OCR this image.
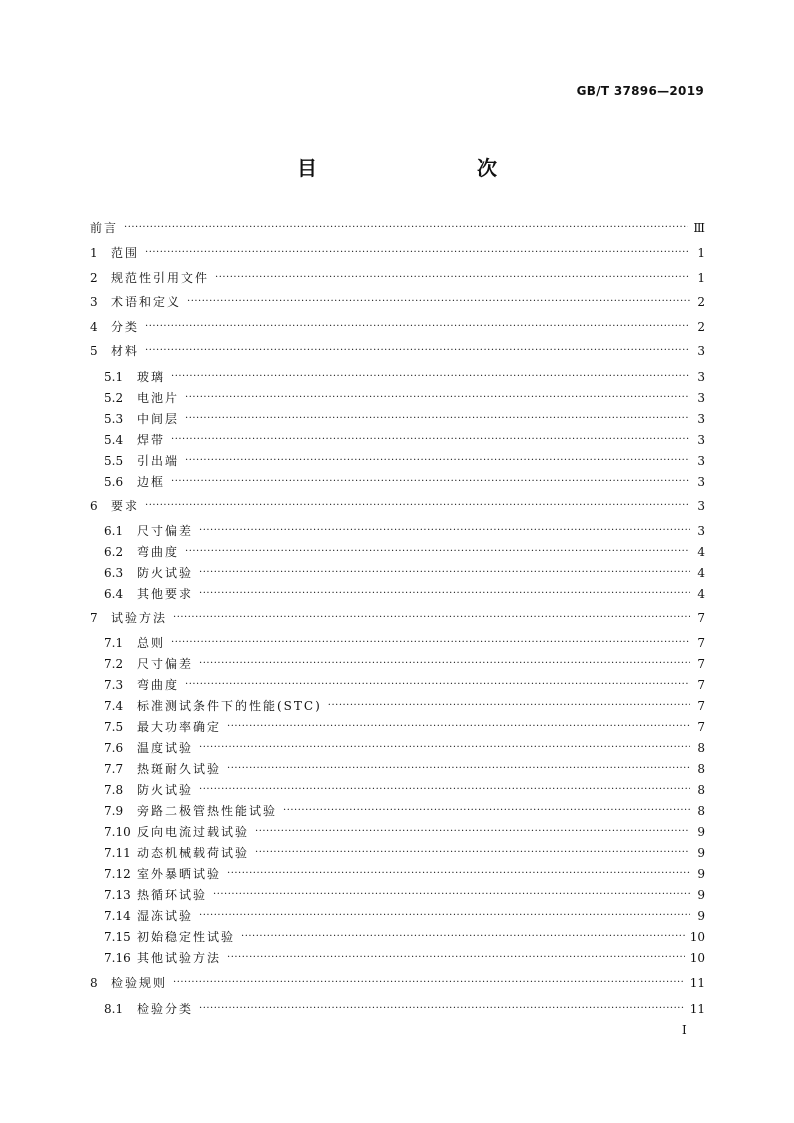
GB/T 37896—2019
目　　次
前言 ·····	Ⅲ
1	范围 ·····	1
2	规范性引用文件 ·····	1
3	术语和定义 ·····	2
4	分类 ·····	2
5	材料 ·····	3
5.1	玻璃 ·····	3
5.2	电池片 ·····	3
5.3	中间层 ·····	3
5.4	焊带 ·····	3
5.5	引出端 ·····	3
5.6	边框 ·····	3
6	要求 ·····	3
6.1	尺寸偏差 ·····	3
6.2	弯曲度 ·····	4
6.3	防火试验 ·····	4
6.4	其他要求 ·····	4
7	试验方法 ·····	7
7.1	总则 ·····	7
7.2	尺寸偏差 ·····	7
7.3	弯曲度 ·····	7
7.4	标准测试条件下的性能(STC) ·····	7
7.5	最大功率确定 ·····	7
7.6	温度试验 ·····	8
7.7	热斑耐久试验 ·····	8
7.8	防火试验 ·····	8
7.9	旁路二极管热性能试验 ·····	8
7.10 反向电流过载试验 ·····	9
7.11 动态机械载荷试验 ·····	9
7.12 室外暴晒试验 ·····	9
7.13 热循环试验 ·····	9
7.14 湿冻试验 ·····	9
7.15 初始稳定性试验 ·····	10
7.16 其他试验方法 ·····	10
8	检验规则 ·····	11
8.1	检验分类 ·····	11
Ⅰ
